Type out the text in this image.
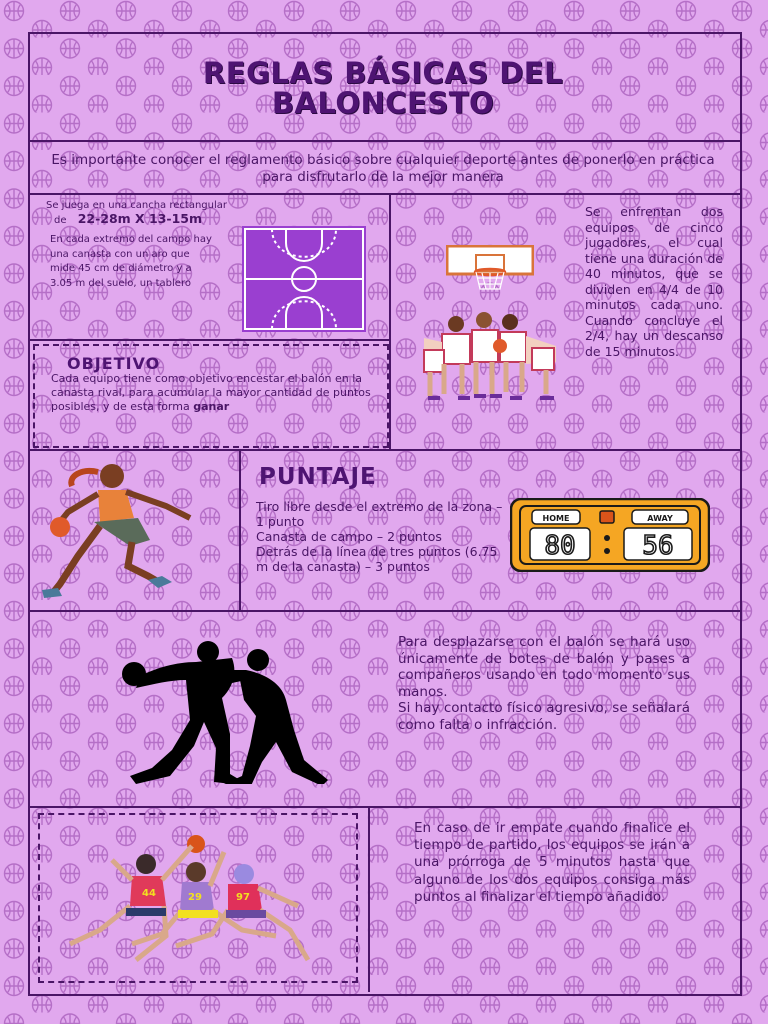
REGLAS BÁSICAS DEL
BALONCESTO
Es importante conocer el reglamento básico sobre cualquier deporte antes de ponerlo en práctica para disfrutarlo de la mejor manera
Se juega en una cancha rectangular
de 22-28m X 13-15m
En cada extremo del campo hay una canasta con un aro que mide 45 cm de diámetro y a 3.05 m del suelo, un tablero
OBJETIVO
Cada equipo tiene como objetivo encestar el balón en la canasta rival, para acumular la mayor cantidad de puntos posibles, y de esta forma ganar
Se enfrentan dos equipos de cinco jugadores, el cual tiene una duración de 40 minutos, que se dividen en 4/4 de 10 minutos cada uno. Cuando concluye el 2/4, hay un descanso de 15 minutos.
PUNTAJE
Tiro libre desde el extremo de la zona – 1 punto
Canasta de campo – 2 puntos
Detrás de la línea de tres puntos (6.75 m de la canasta) – 3 puntos
HOME	AWAY
80	56
Para desplazarse con el balón se hará uso únicamente de botes de balón y pases a compañeros usando en todo momento sus manos.
Si hay contacto físico agresivo, se señalará como falta o infracción.
44	29	97
En caso de ir empate cuando finalice el tiempo de partido, los equipos se irán a una prórroga de 5 minutos hasta que alguno de los dos equipos consiga más puntos al finalizar el tiempo añadido.
